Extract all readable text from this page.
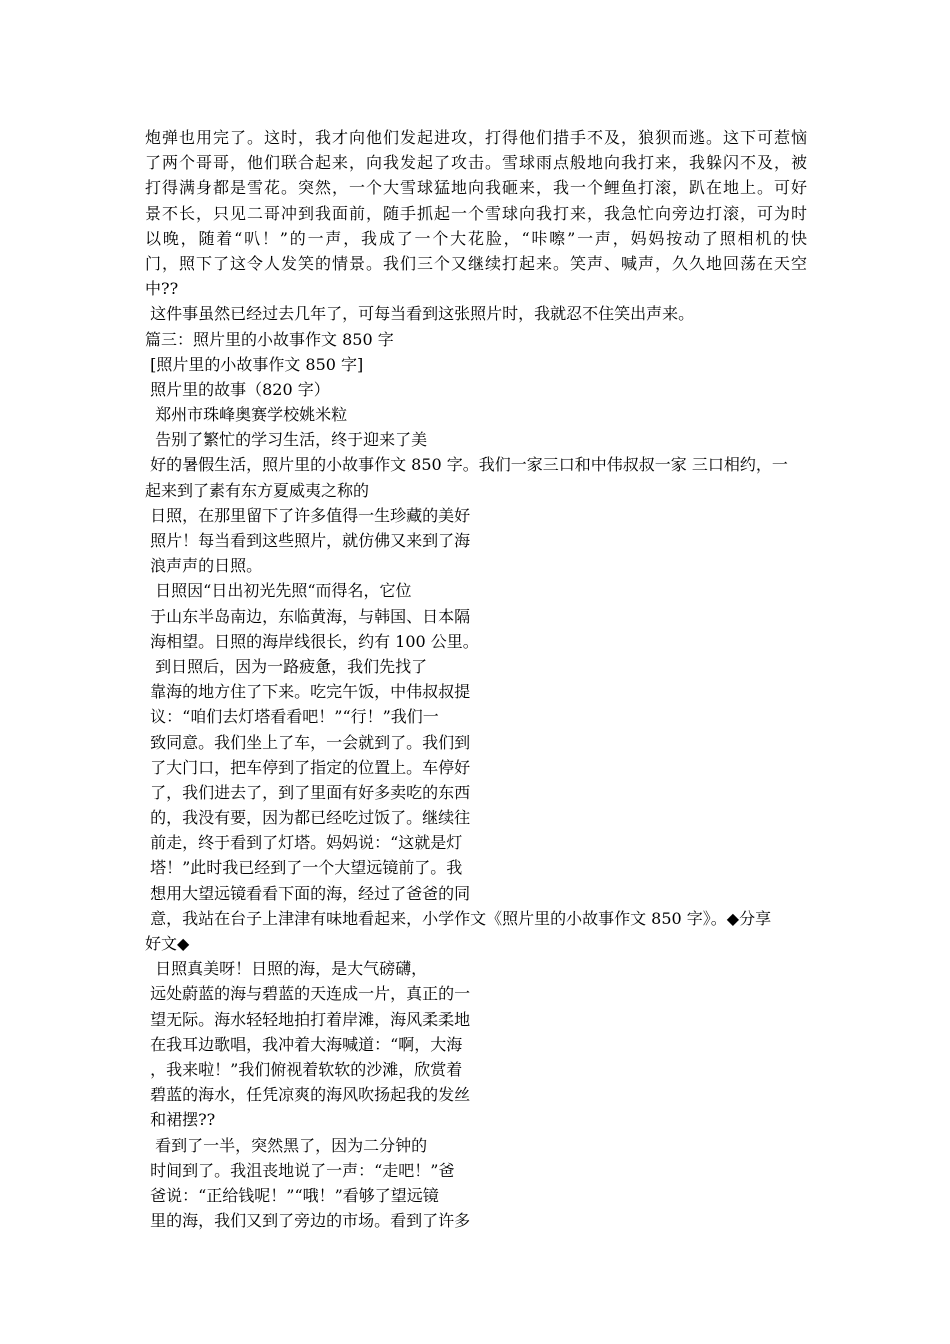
炮弹也用完了。这时，我才向他们发起进攻，打得他们措手不及，狼狈而逃。这下可惹恼
了两个哥哥，他们联合起来，向我发起了攻击。雪球雨点般地向我打来，我躲闪不及，被
打得满身都是雪花。突然，一个大雪球猛地向我砸来，我一个鲤鱼打滚，趴在地上。可好
景不长，只见二哥冲到我面前，随手抓起一个雪球向我打来，我急忙向旁边打滚，可为时
以晚，随着“叭！”的一声，我成了一个大花脸，“咔嚓”一声，妈妈按动了照相机的快
门，照下了这令人发笑的情景。我们三个又继续打起来。笑声、喊声，久久地回荡在天空
中??
这件事虽然已经过去几年了，可每当看到这张照片时，我就忍不住笑出声来。
篇三：照片里的小故事作文 850 字
[照片里的小故事作文 850 字]
照片里的故事（820 字）
郑州市珠峰奥赛学校姚米粒
告别了繁忙的学习生活，终于迎来了美
好的暑假生活，照片里的小故事作文 850 字。我们一家三口和中伟叔叔一家 三口相约，一
起来到了素有东方夏威夷之称的
日照，在那里留下了许多值得一生珍藏的美好
照片！每当看到这些照片，就仿佛又来到了海
浪声声的日照。
日照因“日出初光先照“而得名，它位
于山东半岛南边，东临黄海，与韩国、日本隔
海相望。日照的海岸线很长，约有 100 公里。
到日照后，因为一路疲惫，我们先找了
靠海的地方住了下来。吃完午饭，中伟叔叔提
议：“咱们去灯塔看看吧！”“行！”我们一
致同意。我们坐上了车，一会就到了。我们到
了大门口，把车停到了指定的位置上。车停好
了，我们进去了，到了里面有好多卖吃的东西
的，我没有要，因为都已经吃过饭了。继续往
前走，终于看到了灯塔。妈妈说：“这就是灯
塔！”此时我已经到了一个大望远镜前了。我
想用大望远镜看看下面的海，经过了爸爸的同
意，我站在台子上津津有味地看起来，小学作文《照片里的小故事作文 850 字》。◆分享
好文◆
日照真美呀！日照的海，是大气磅礴，
远处蔚蓝的海与碧蓝的天连成一片，真正的一
望无际。海水轻轻地拍打着岸滩，海风柔柔地
在我耳边歌唱，我冲着大海喊道：“啊，大海
，我来啦！”我们俯视着软软的沙滩，欣赏着
碧蓝的海水，任凭凉爽的海风吹扬起我的发丝
和裙摆??
看到了一半，突然黑了，因为二分钟的
时间到了。我沮丧地说了一声：“走吧！”爸
爸说：“正给钱呢！”“哦！”看够了望远镜
里的海，我们又到了旁边的市场。看到了许多
